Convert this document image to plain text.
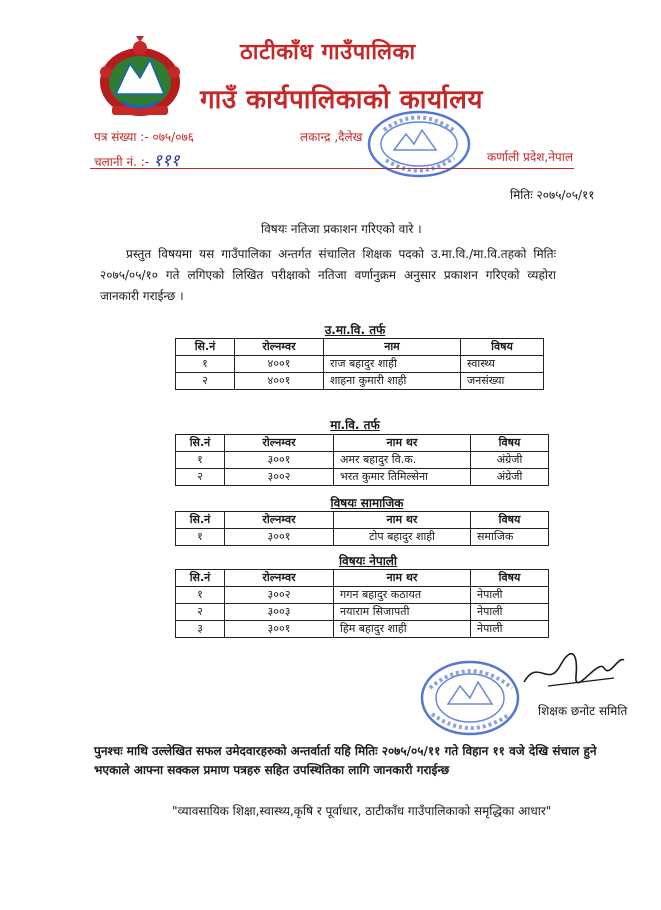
ठाटीकाँध गाउँपालिका
गाउँ कार्यपालिकाको कार्यालय
पत्र संख्या :- ०७५/०७६
चलानी नं. :- १११
लकान्द्र ,दैलेख
कर्णाली प्रदेश,नेपाल
मितिः २०७५/०५/११
विषयः नतिजा प्रकाशन गरिएको वारे ।
प्रस्तुत विषयमा यस गाउँपालिका अन्तर्गत संचालित शिक्षक पदको उ.मा.वि./मा.वि.तहको मितिः २०७५/०५/१० गते लगिएको लिखित परीक्षाको नतिजा वर्णानुक्रम अनुसार प्रकाशन गरिएको व्यहोरा जानकारी गराईन्छ ।
उ.मा.वि. तर्फ
सि.नं	रोल्नम्वर	नाम	विषय
१	४००१	राज बहादुर शाही	स्वास्थ्य
२	४००१	शाहना कुमारी शाही	जनसंख्या
मा.वि. तर्फ
सि.नं	रोल्नम्वर	नाम थर	विषय
१	३००१	अमर बहादुर वि.क.	अंग्रेजी
२	३००२	भरत कुमार तिमिल्सेना	अंग्रेजी
विषयः सामाजिक
सि.नं	रोल्नम्वर	नाम थर	विषय
१	३००१	टोप बहादुर शाही	समाजिक
विषयः नेपाली
सि.नं	रोल्नम्वर	नाम थर	विषय
१	३००२	गगन बहादुर कठायत	नेपाली
२	३००३	नयाराम सिजापती	नेपाली
३	३००१	हिम बहादुर शाही	नेपाली
शिक्षक छनोट समिति
पुनश्चः माथि उल्लेखित सफल उमेदवारहरुको अन्तर्वार्ता यहि मितिः २०७५/०५/११ गते विहान ११ वजे देखि संचाल हुने भएकाले आफ्ना सक्कल प्रमाण पत्रहरु सहित उपस्थितिका लागि जानकारी गराईन्छ
"व्यावसायिक शिक्षा,स्वास्थ्य,कृषि र पूर्वाधार, ठाटीकाँध गाउँपालिकाको समृद्धिका आधार"
